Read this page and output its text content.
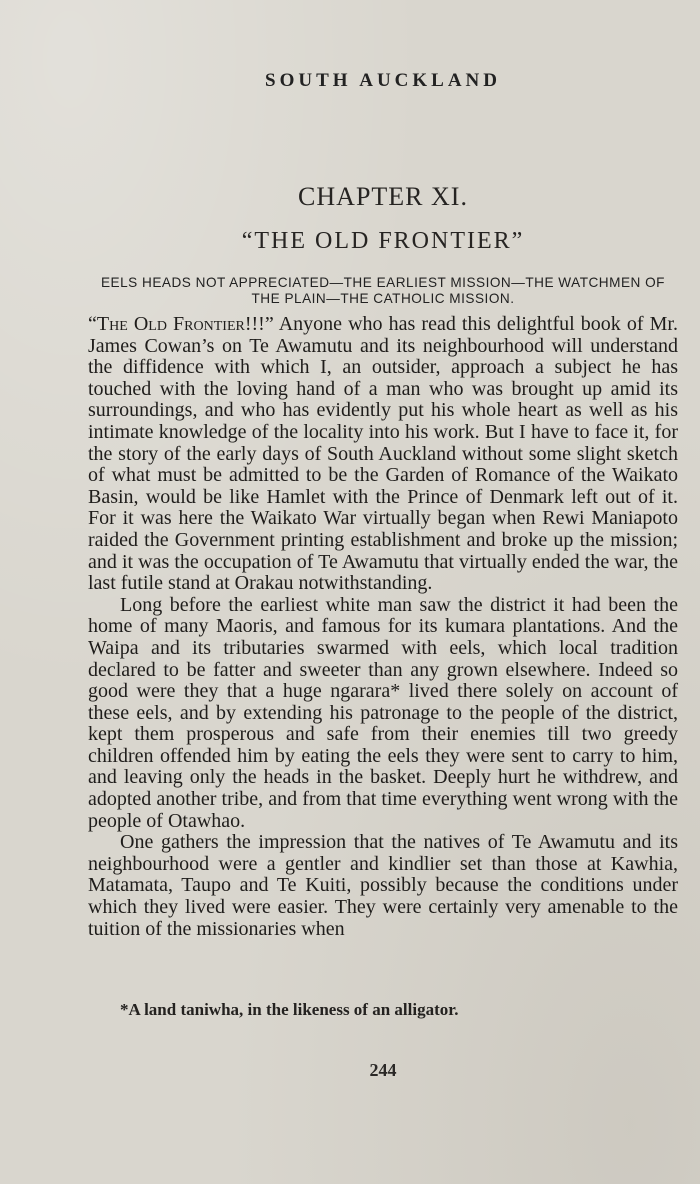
SOUTH AUCKLAND
CHAPTER XI.
“THE OLD FRONTIER”
EELS HEADS NOT APPRECIATED—THE EARLIEST MISSION—THE WATCHMEN OF THE PLAIN—THE CATHOLIC MISSION.

“The Old Frontier!!!” Anyone who has read this delightful book of Mr. James Cowan’s on Te Awamutu and its neighbourhood will understand the diffidence with which I, an outsider, approach a subject he has touched with the loving hand of a man who was brought up amid its surroundings, and who has evidently put his whole heart as well as his intimate knowledge of the locality into his work. But I have to face it, for the story of the early days of South Auckland without some slight sketch of what must be admitted to be the Garden of Romance of the Waikato Basin, would be like Hamlet with the Prince of Denmark left out of it. For it was here the Waikato War virtually began when Rewi Maniapoto raided the Government printing establishment and broke up the mission; and it was the occupation of Te Awamutu that virtually ended the war, the last futile stand at Orakau notwithstanding.

Long before the earliest white man saw the district it had been the home of many Maoris, and famous for its kumara plantations. And the Waipa and its tributaries swarmed with eels, which local tradition declared to be fatter and sweeter than any grown elsewhere. Indeed so good were they that a huge ngarara* lived there solely on account of these eels, and by extending his patronage to the people of the district, kept them prosperous and safe from their enemies till two greedy children offended him by eating the eels they were sent to carry to him, and leaving only the heads in the basket. Deeply hurt he withdrew, and adopted another tribe, and from that time everything went wrong with the people of Otawhao.

One gathers the impression that the natives of Te Awamutu and its neighbourhood were a gentler and kindlier set than those at Kawhia, Matamata, Taupo and Te Kuiti, possibly because the conditions under which they lived were easier. They were certainly very amenable to the tuition of the missionaries when

*A land taniwha, in the likeness of an alligator.
244
